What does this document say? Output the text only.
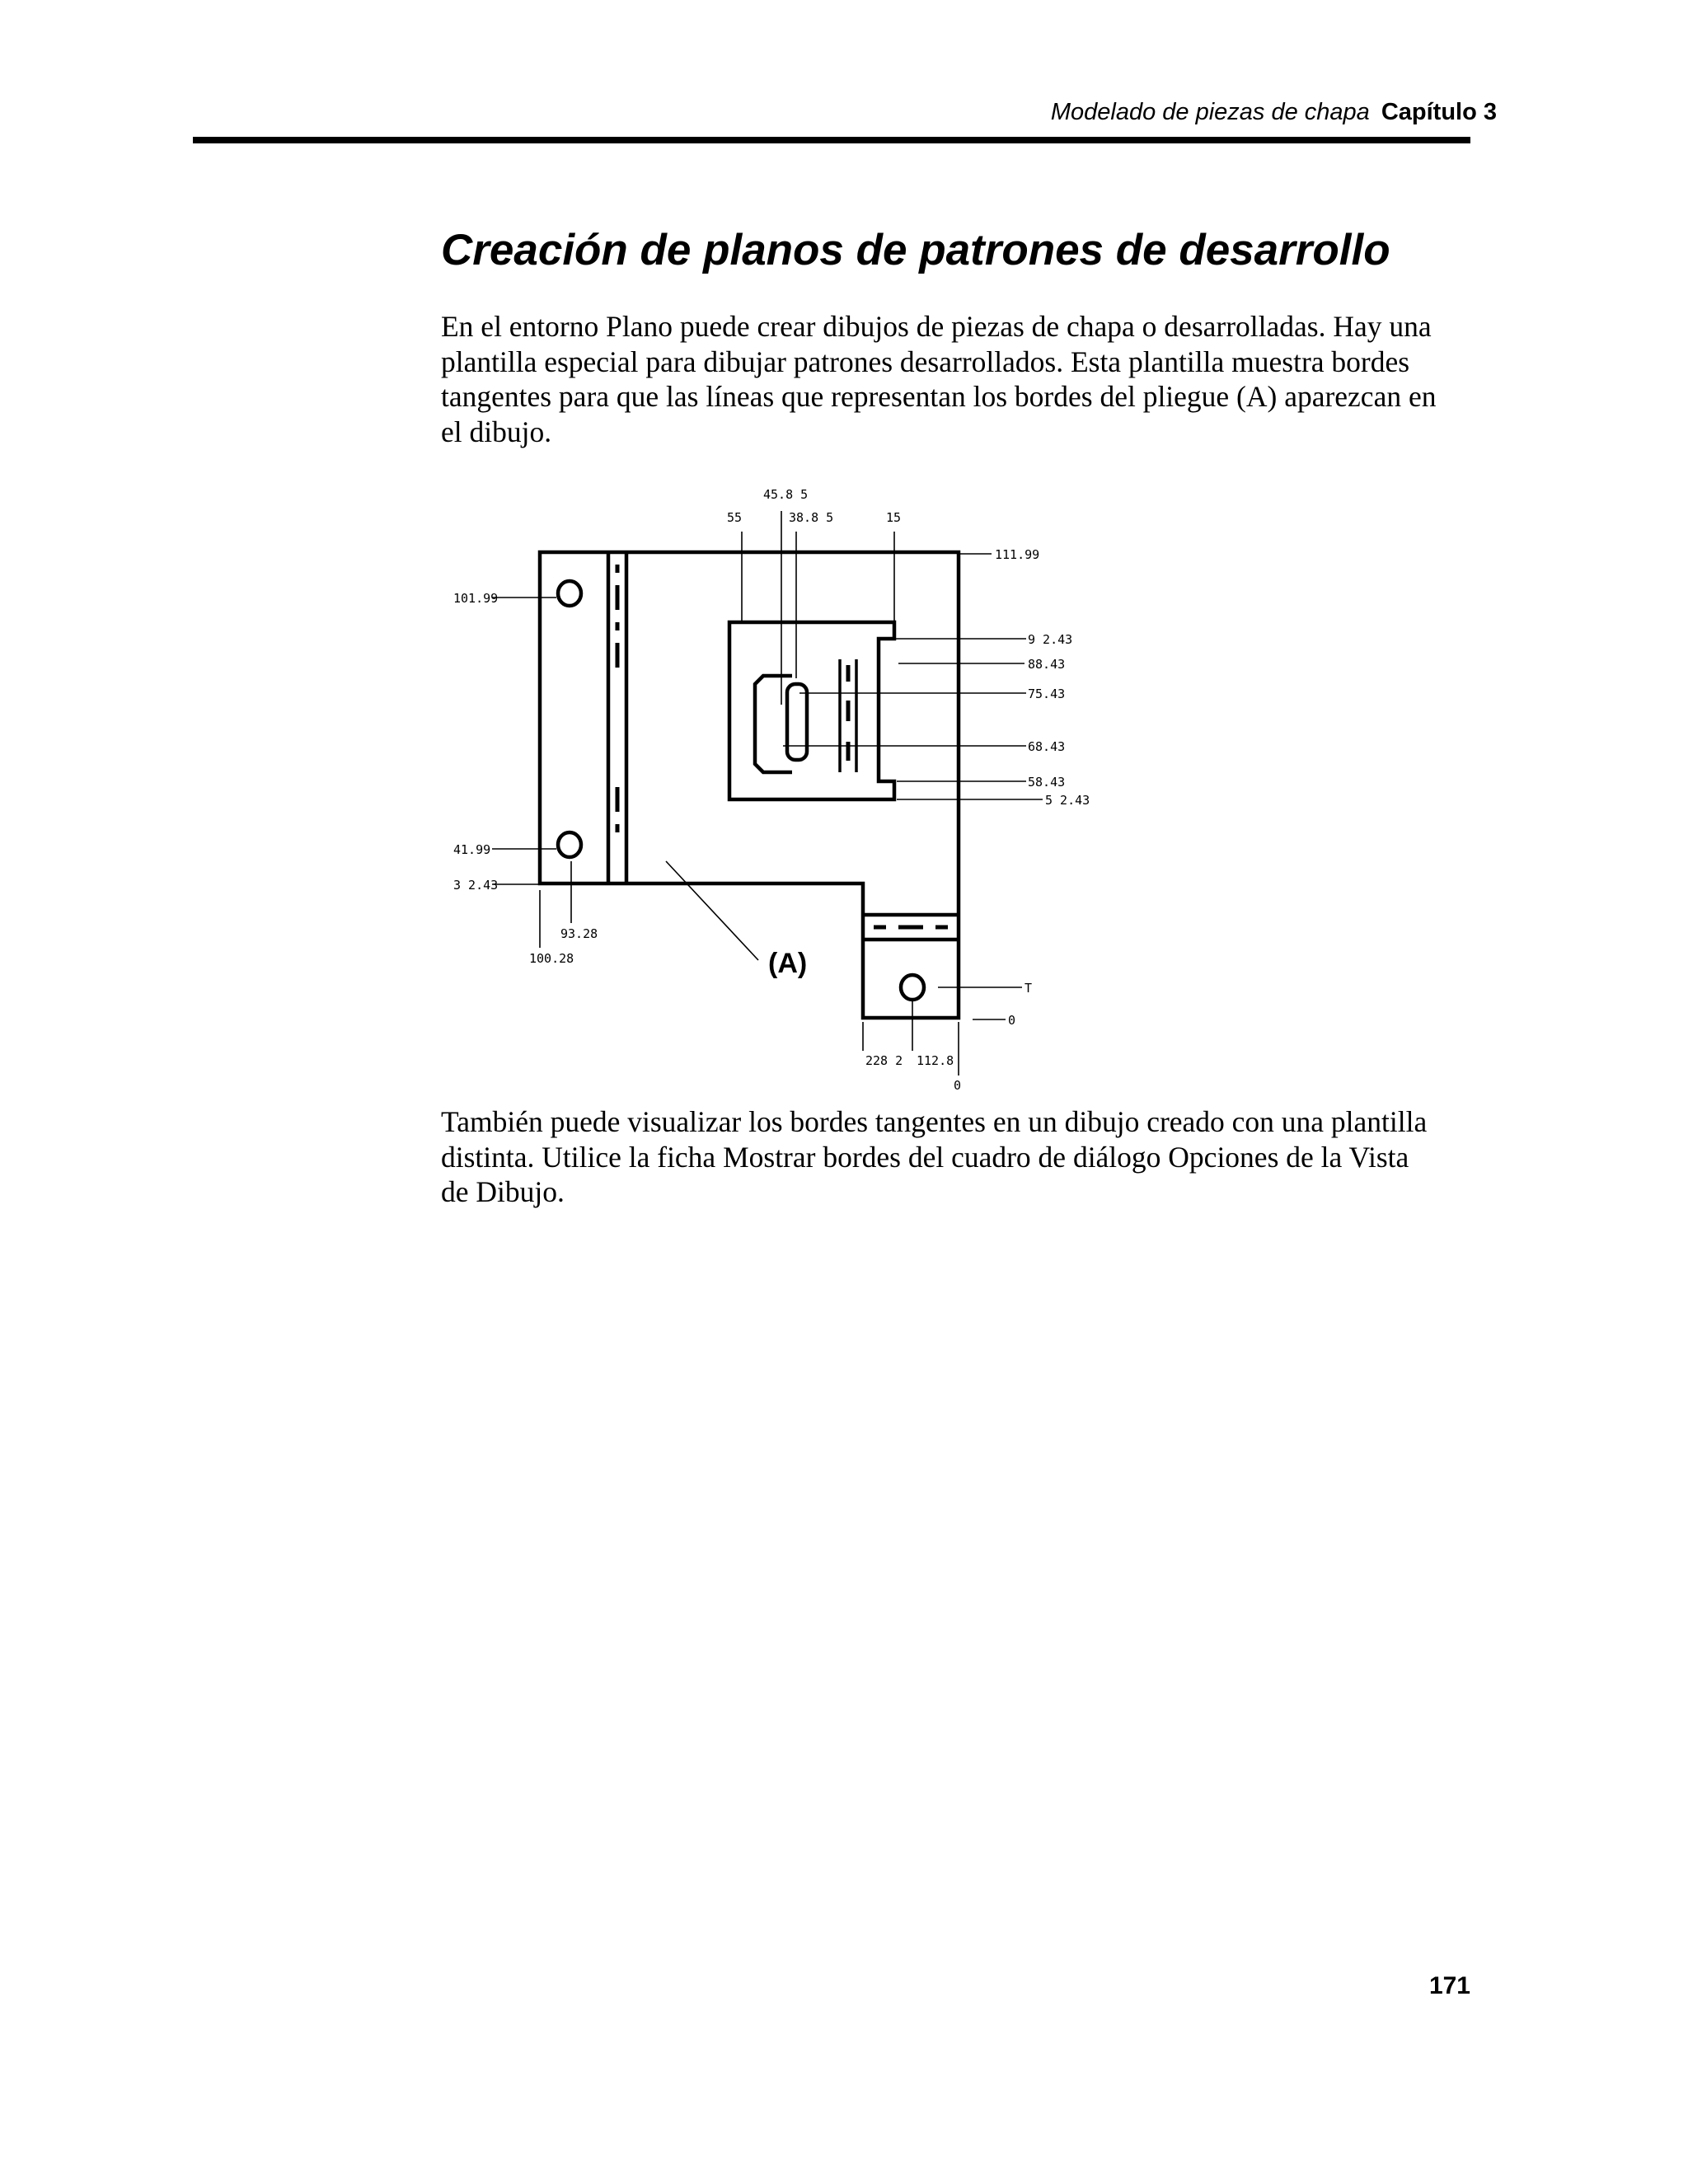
Modelado de piezas de chapa Capítulo 3
Creación de planos de patrones de desarrollo

En el entorno Plano puede crear dibujos de piezas de chapa o desarrolladas. Hay una
plantilla especial para dibujar patrones desarrollados. Esta plantilla muestra bordes
tangentes para que las líneas que representan los bordes del pliegue (A) aparezcan en
el dibujo.

45.8 5
55	38.8 5	15
111.99
9 2.43
88.43
75.43
68.43
58.43
5 2.43
T
0
101.99
41.99
3 2.43
93.28
100.28
228 2 112.8
0
(A)

También puede visualizar los bordes tangentes en un dibujo creado con una plantilla
distinta. Utilice la ficha Mostrar bordes del cuadro de diálogo Opciones de la Vista
de Dibujo.

171
